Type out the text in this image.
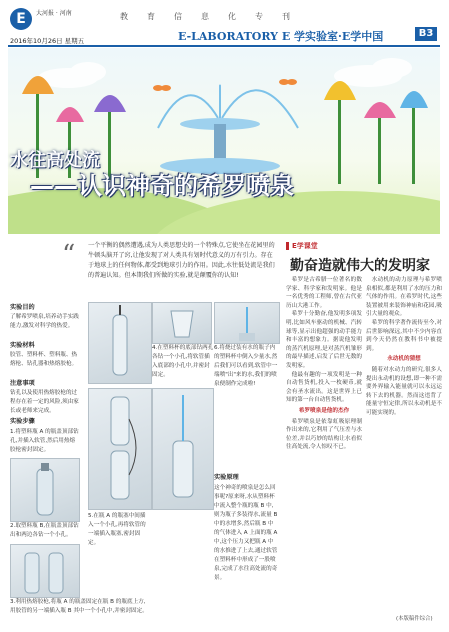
E	大河报 · 河南
2016年10月26日 星期五
教育信息化专刊
E-LABORATORY E 学实验室·E学中国	B3
水往高处流
——认识神奇的希罗喷泉
“ 一个平衡的偶然遭遇,成为人类思想史的一个特殊点,它使坐在花园里的牛顿头脑开了窍,让他发现了对人类具有划时代意义的万有引力。存在于地球上的任何物体,都受到地球引力的作用。因此,水往低处流是我们的普遍认知。但本期我们所做的实验,就是颠覆你的认知!
实验目的
了解希罗喷泉,培养动手实践能力,激发对科学的热爱。
实验材料
胶管、塑料杯、塑料瓶、热熔枪、钻孔器和热熔胶枪。
注意事项
钻孔以及使用热熔胶枪的过程存在着一定的风险,须由家长或老师来完成。
实验步骤
1.将塑料瓶 A 的瓶盖顶部钻孔,并插入软管,然后用热熔胶枪密封固定。
2.取塑料瓶 B,在瓶盖顶部钻出和两边各钻一个小孔。
3.利用热熔胶枪,将瓶 A 的瓶盖固定在瓶 B 的瓶底上方,用胶管的另一端插入瓶 B 其中一个小孔中,并密封固定。
4.在塑料杯的底部钻两孔各钻一个小孔,将软管插入底部的小孔中,并密封固定。
6.将烧过装有水的瓶子内的塑料杯中倒入少量水,然后我们可以看到,软管中一端喷"出"来的水,我们的喷泉便制作完成啦!
5.在瓶 A 的瓶塞中间插入一个小孔,再将软管的一端插入瓶塞,密封固定。
实验原理
这个神奇的喷泉是怎么回事呢?原来呀,水从塑料杯中流入整个瓶的瓶 B 中,则为瓶子多装得水,流量 B 中的水增多,然后瓶 B 中的气体进入 A 上面的瓶 A 中,这个压力又把瓶 A 中的水推进了上去,通过软管在塑料杯中形成了一股喷泉,完成了水往高处流的奇景。
E学课堂
勤奋造就伟大的发明家

希罗是古希腊一位著名的数学家、科学家和发明家。他是一名优秀的工程师,曾在古代亚历山大港工作。

希罗十分勤奋,他发明多项发明,比如风车驱动的机械、汽转球等,显示出他超强的动手能力和丰富的想象力。据说他发明的蒸汽机原理,是对蒸汽机雏形的最早描述,启发了后世无数的发明家。

他最有趣的一项发明是一种自动售货机,投入一枚硬币,就会有圣水流出。这是世界上已知的第一台自动售货机。

希罗喷泉是他的杰作

希罗喷泉是依靠虹吸原理制作出来的,它利用了气压差与水位差,并以巧妙的结构让水看似往高处流,令人惊叹不已。

水动机的动力原理与希罗喷泉相似,都是利用了水的压力和气体的作用。在希罗时代,这些装置被用来装饰神庙和花园,吸引大量的观众。

希罗的科学著作流传至今,对后世影响深远,其中不少内容直到今天仍然在教科书中被提到。

永动机的猜想

随着对水动力的研究,很多人提出永动机的设想,即一种不需要外界输入能量就可以永远运转下去的机器。然而这违背了能量守恒定律,所以永动机是不可能实现的。

(本版稿件综合)
